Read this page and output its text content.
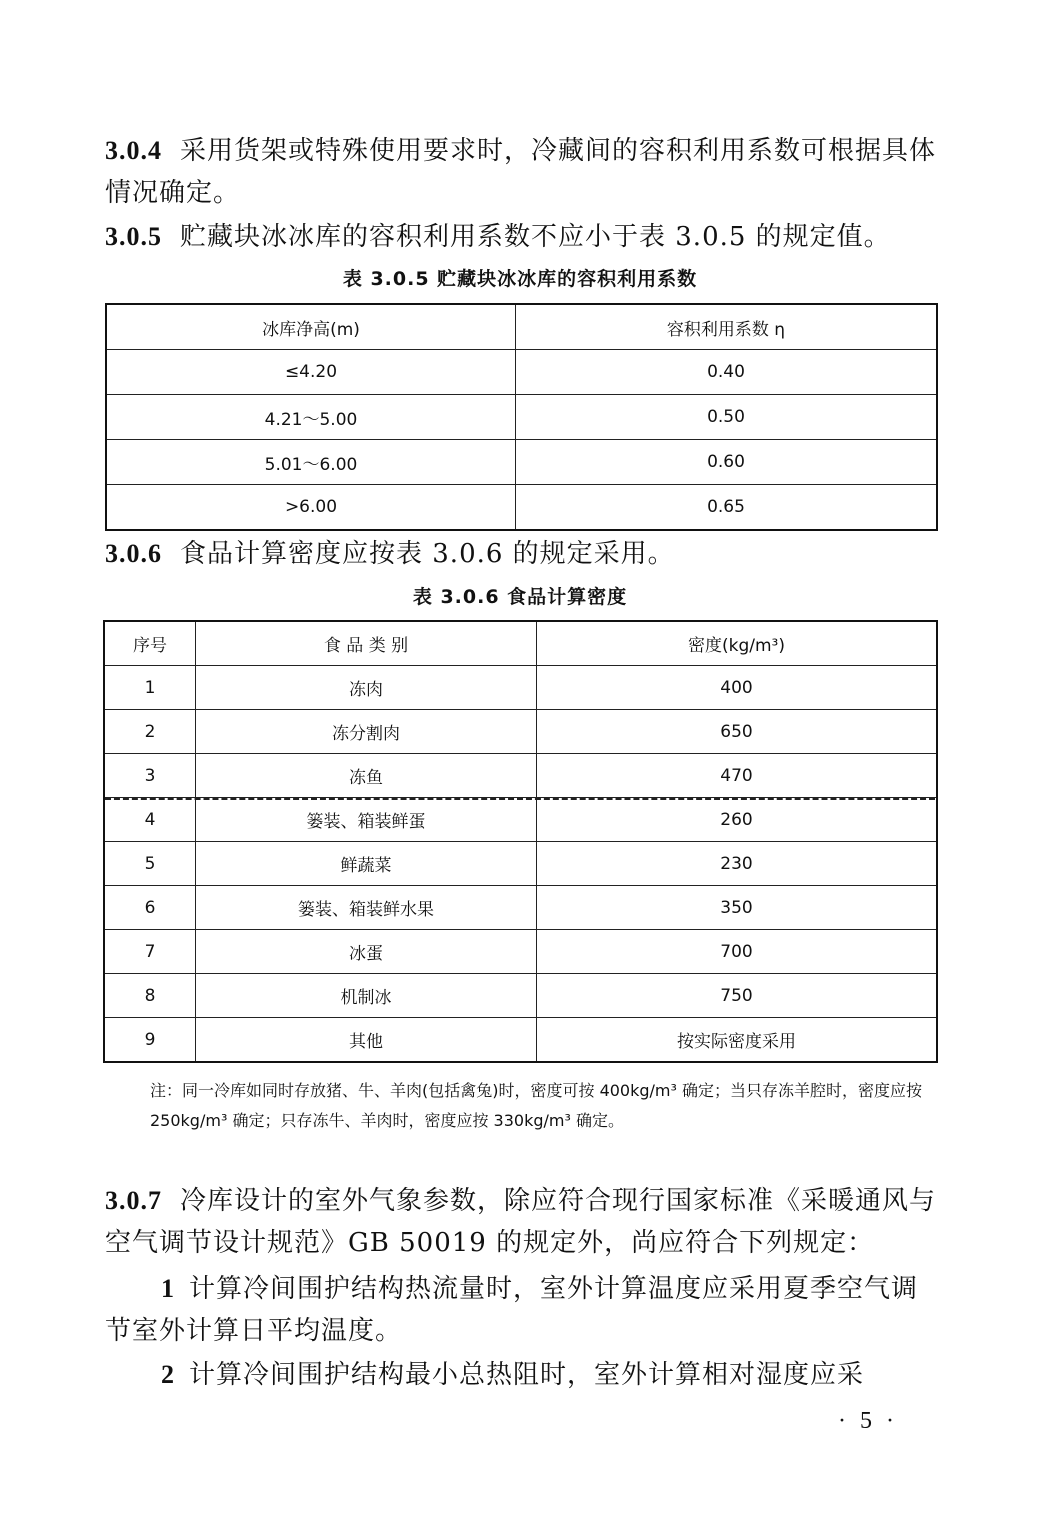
3.0.4 采用货架或特殊使用要求时，冷藏间的容积利用系数可根据具体情况确定。
3.0.5 贮藏块冰冰库的容积利用系数不应小于表 3.0.5 的规定值。
表 3.0.5 贮藏块冰冰库的容积利用系数
冰库净高(m)	容积利用系数 η
≤4.20	0.40
4.21～5.00	0.50
5.01～6.00	0.60
>6.00	0.65
3.0.6 食品计算密度应按表 3.0.6 的规定采用。
表 3.0.6 食品计算密度
序号	食 品 类 别	密度(kg/m³)
1	冻肉	400
2	冻分割肉	650
3	冻鱼	470
4	篓装、箱装鲜蛋	260
5	鲜蔬菜	230
6	篓装、箱装鲜水果	350
7	冰蛋	700
8	机制冰	750
9	其他	按实际密度采用
注：同一冷库如同时存放猪、牛、羊肉(包括禽兔)时，密度可按 400kg/m³ 确定；当只存冻羊腔时，密度应按 250kg/m³ 确定；只存冻牛、羊肉时，密度应按 330kg/m³ 确定。
3.0.7 冷库设计的室外气象参数，除应符合现行国家标准《采暖通风与空气调节设计规范》GB 50019 的规定外，尚应符合下列规定：
1 计算冷间围护结构热流量时，室外计算温度应采用夏季空气调节室外计算日平均温度。
2 计算冷间围护结构最小总热阻时，室外计算相对湿度应采
· 5 ·
